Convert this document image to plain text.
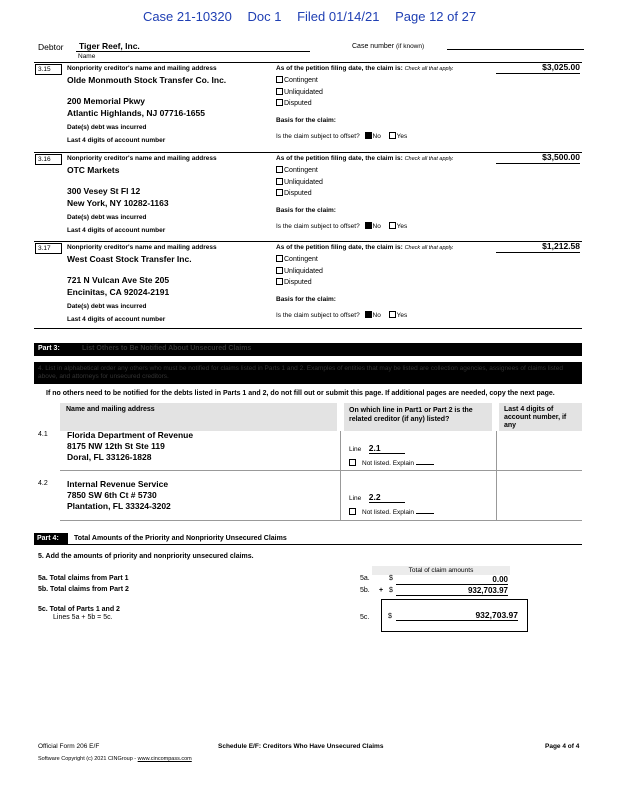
Case 21-10320 Doc 1 Filed 01/14/21 Page 12 of 27
Debtor Tiger Reef, Inc.
Name
Case number (if known)
3.15	Nonpriority creditor's name and mailing address
Olde Monmouth Stock Transfer Co. Inc.
200 Memorial Pkwy
Atlantic Highlands, NJ 07716-1655
Date(s) debt was incurred
Last 4 digits of account number
As of the petition filing date, the claim is: Check all that apply.	$3,025.00
Contingent
Unliquidated
Disputed
Basis for the claim:
Is the claim subject to offset? No Yes
3.16	Nonpriority creditor's name and mailing address
OTC Markets
300 Vesey St Fl 12
New York, NY 10282-1163
Date(s) debt was incurred
Last 4 digits of account number
As of the petition filing date, the claim is: Check all that apply.	$3,500.00
Contingent
Unliquidated
Disputed
Basis for the claim:
Is the claim subject to offset? No Yes
3.17	Nonpriority creditor's name and mailing address
West Coast Stock Transfer Inc.
721 N Vulcan Ave Ste 205
Encinitas, CA 92024-2191
Date(s) debt was incurred
Last 4 digits of account number
As of the petition filing date, the claim is: Check all that apply.	$1,212.58
Contingent
Unliquidated
Disputed
Basis for the claim:
Is the claim subject to offset? No Yes
Part 3:	List Others to Be Notified About Unsecured Claims
4. List in alphabetical order any others who must be notified for claims listed in Parts 1 and 2. Examples of entities that may be listed are collection agencies, assignees of claims listed above, and attorneys for unsecured creditors.
If no others need to be notified for the debts listed in Parts 1 and 2, do not fill out or submit this page. If additional pages are needed, copy the next page.
Name and mailing address	On which line in Part1 or Part 2 is the related creditor (if any) listed?
Last 4 digits of account number, if any
4.1 Florida Department of Revenue
8175 NW 12th St Ste 119
Doral, FL 33126-1828
Line 2.1
Not listed. Explain
4.2 Internal Revenue Service
7850 SW 6th Ct # 5730
Plantation, FL 33324-3202
Line 2.2
Not listed. Explain
Part 4:	Total Amounts of the Priority and Nonpriority Unsecured Claims
5. Add the amounts of priority and nonpriority unsecured claims.
Total of claim amounts
5a. Total claims from Part 1	5a.	$	0.00
5b. Total claims from Part 2	5b. + $	932,703.97
5c. Total of Parts 1 and 2
Lines 5a + 5b = 5c.	5c.	$	932,703.97
Official Form 206 E/F	Schedule E/F: Creditors Who Have Unsecured Claims	Page 4 of 4
Software Copyright (c) 2021 CINGroup - www.cincompass.com
